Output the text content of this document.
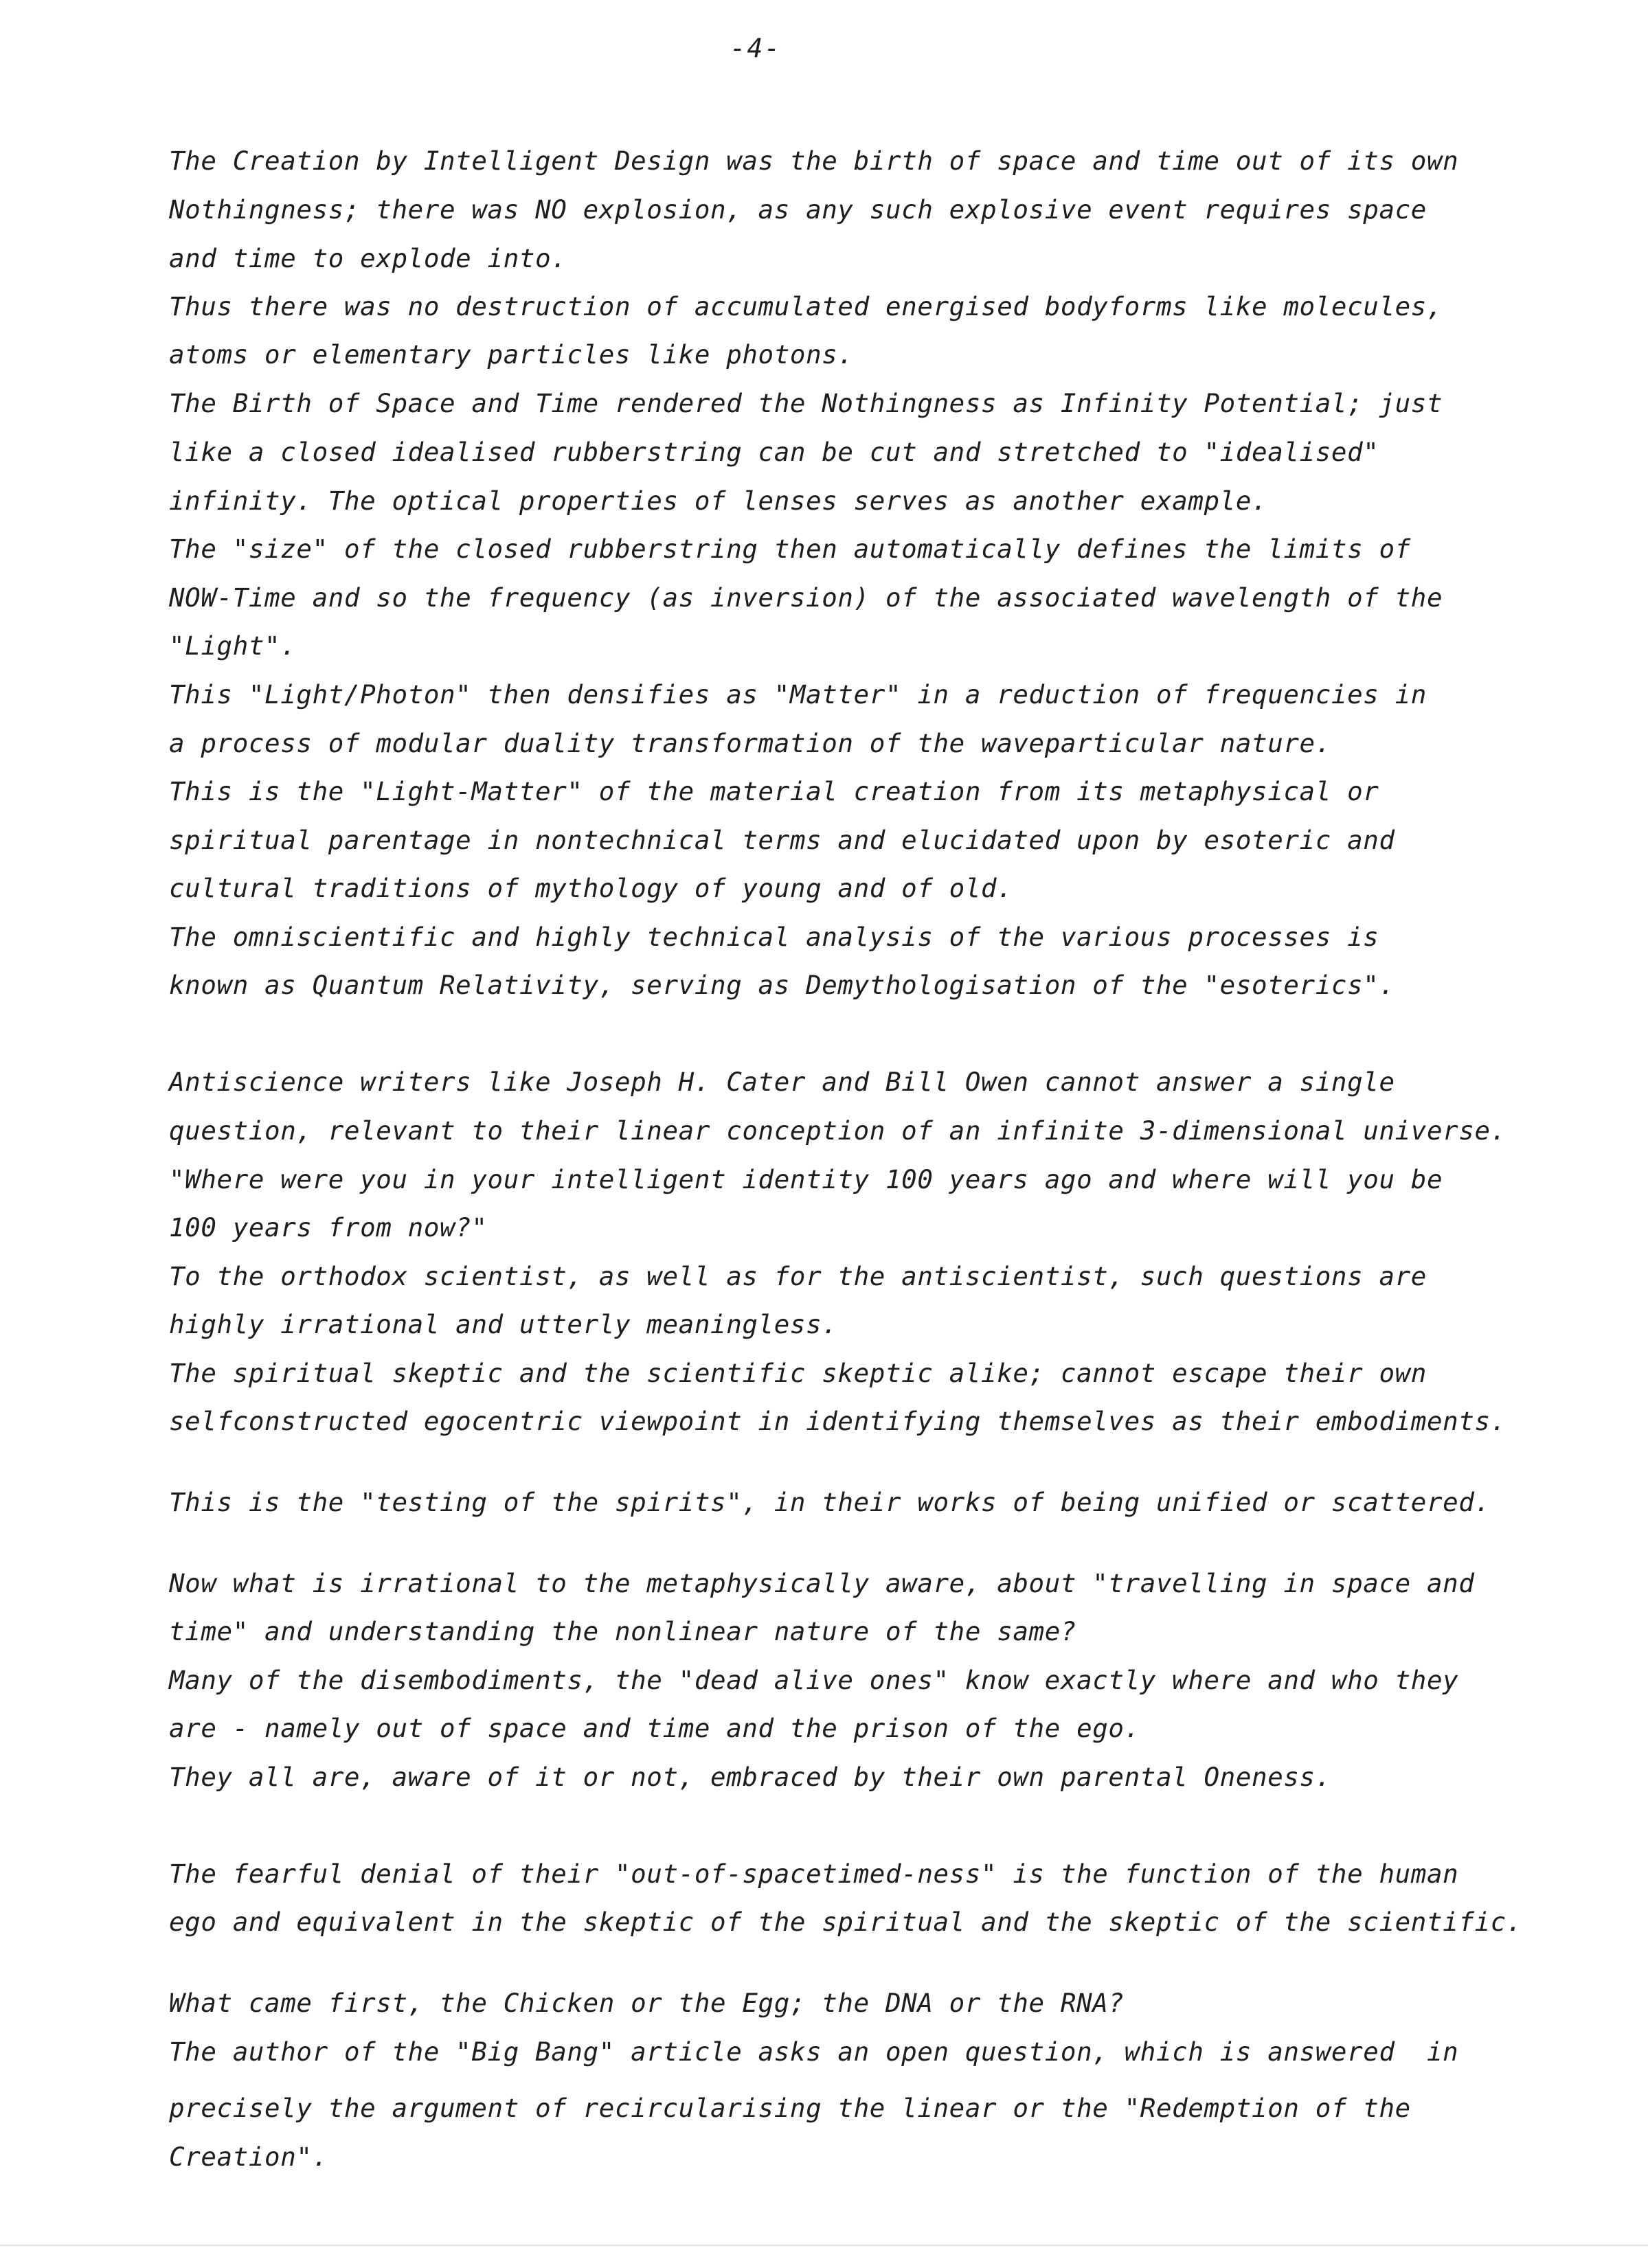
-4-
The Creation by Intelligent Design was the birth of space and time out of its own
Nothingness; there was NO explosion, as any such explosive event requires space
and time to explode into.
Thus there was no destruction of accumulated energised bodyforms like molecules,
atoms or elementary particles like photons.
The Birth of Space and Time rendered the Nothingness as Infinity Potential; just
like a closed idealised rubberstring can be cut and stretched to "idealised"
infinity. The optical properties of lenses serves as another example.
The "size" of the closed rubberstring then automatically defines the limits of
NOW-Time and so the frequency (as inversion) of the associated wavelength of the
"Light".
This "Light/Photon" then densifies as "Matter" in a reduction of frequencies in
a process of modular duality transformation of the waveparticular nature.
This is the "Light-Matter" of the material creation from its metaphysical or
spiritual parentage in nontechnical terms and elucidated upon by esoteric and
cultural traditions of mythology of young and of old.
The omniscientific and highly technical analysis of the various processes is
known as Quantum Relativity, serving as Demythologisation of the "esoterics".
Antiscience writers like Joseph H. Cater and Bill Owen cannot answer a single
question, relevant to their linear conception of an infinite 3-dimensional universe.
"Where were you in your intelligent identity 100 years ago and where will you be
100 years from now?"
To the orthodox scientist, as well as for the antiscientist, such questions are
highly irrational and utterly meaningless.
The spiritual skeptic and the scientific skeptic alike; cannot escape their own
selfconstructed egocentric viewpoint in identifying themselves as their embodiments.
This is the "testing of the spirits", in their works of being unified or scattered.
Now what is irrational to the metaphysically aware, about "travelling in space and
time" and understanding the nonlinear nature of the same?
Many of the disembodiments, the "dead alive ones" know exactly where and who they
are - namely out of space and time and the prison of the ego.
They all are, aware of it or not, embraced by their own parental Oneness.
The fearful denial of their "out-of-spacetimed-ness" is the function of the human
ego and equivalent in the skeptic of the spiritual and the skeptic of the scientific.
What came first, the Chicken or the Egg; the DNA or the RNA?
The author of the "Big Bang" article asks an open question, which is answered  in
precisely the argument of recircularising the linear or the "Redemption of the
Creation".
